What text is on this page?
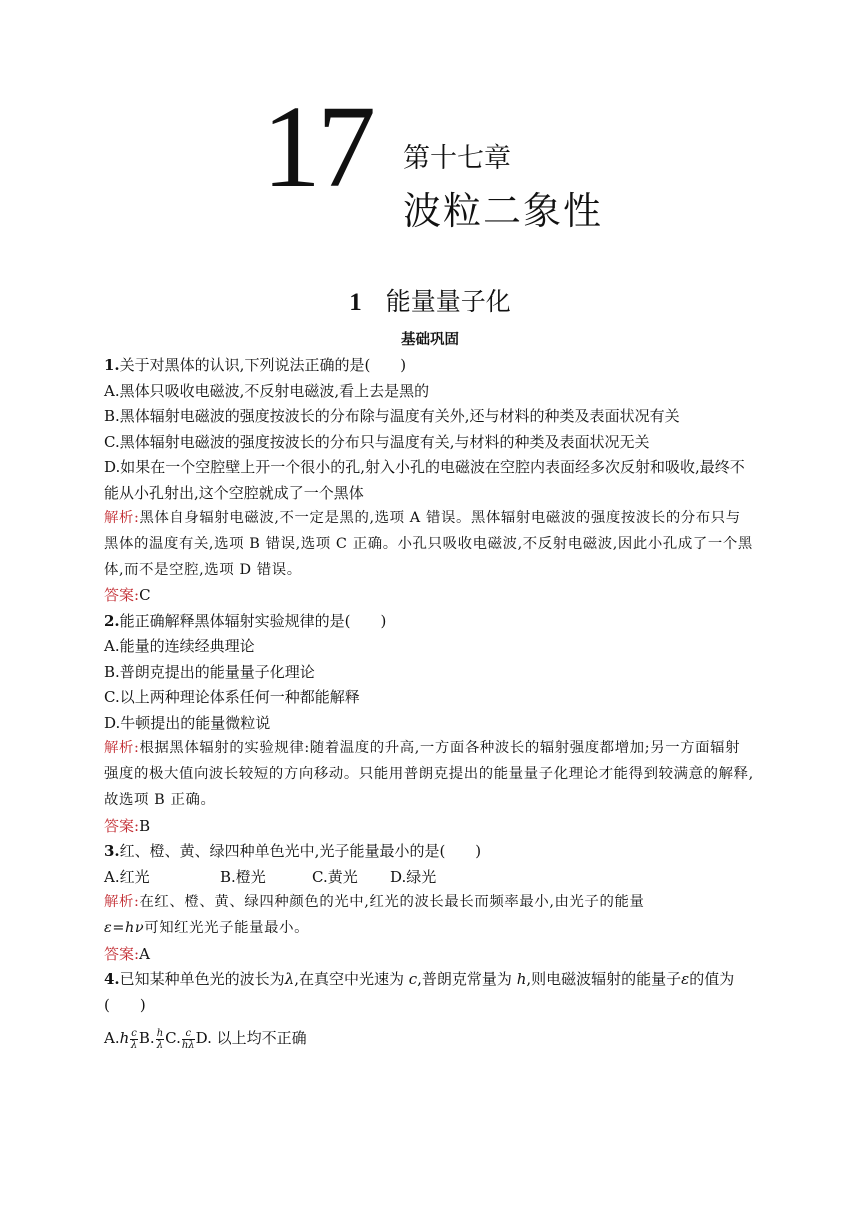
17 第十七章
波粒二象性
1 能量量子化
基础巩固

1.关于对黑体的认识,下列说法正确的是(　　)

A.黑体只吸收电磁波,不反射电磁波,看上去是黑的

B.黑体辐射电磁波的强度按波长的分布除与温度有关外,还与材料的种类及表面状况有关

C.黑体辐射电磁波的强度按波长的分布只与温度有关,与材料的种类及表面状况无关

D.如果在一个空腔壁上开一个很小的孔,射入小孔的电磁波在空腔内表面经多次反射和吸收,最终不能从小孔射出,这个空腔就成了一个黑体

解析:黑体自身辐射电磁波,不一定是黑的,选项 A 错误。黑体辐射电磁波的强度按波长的分布只与黑体的温度有关,选项 B 错误,选项 C 正确。小孔只吸收电磁波,不反射电磁波,因此小孔成了一个黑体,而不是空腔,选项 D 错误。

答案:C

2.能正确解释黑体辐射实验规律的是(　　)

A.能量的连续经典理论

B.普朗克提出的能量量子化理论

C.以上两种理论体系任何一种都能解释

D.牛顿提出的能量微粒说

解析:根据黑体辐射的实验规律:随着温度的升高,一方面各种波长的辐射强度都增加;另一方面辐射强度的极大值向波长较短的方向移动。只能用普朗克提出的能量量子化理论才能得到较满意的解释,故选项 B 正确。

答案:B

3.红、橙、黄、绿四种单色光中,光子能量最小的是(　　)

A.红光	B.橙光	C.黄光 D.绿光

解析:在红、橙、黄、绿四种颜色的光中,红光的波长最长而频率最小,由光子的能量
ε=hν可知红光光子能量最小。

答案:A

4.已知某种单色光的波长为λ,在真空中光速为 c,普朗克常量为 h,则电磁波辐射的能量子ε的值为(　　)

$A.h \frac{c}{\lambda} B$. $\frac{h}{\lambda} C$. $\frac{c}{h\lambda} D$. 以上均不正确
